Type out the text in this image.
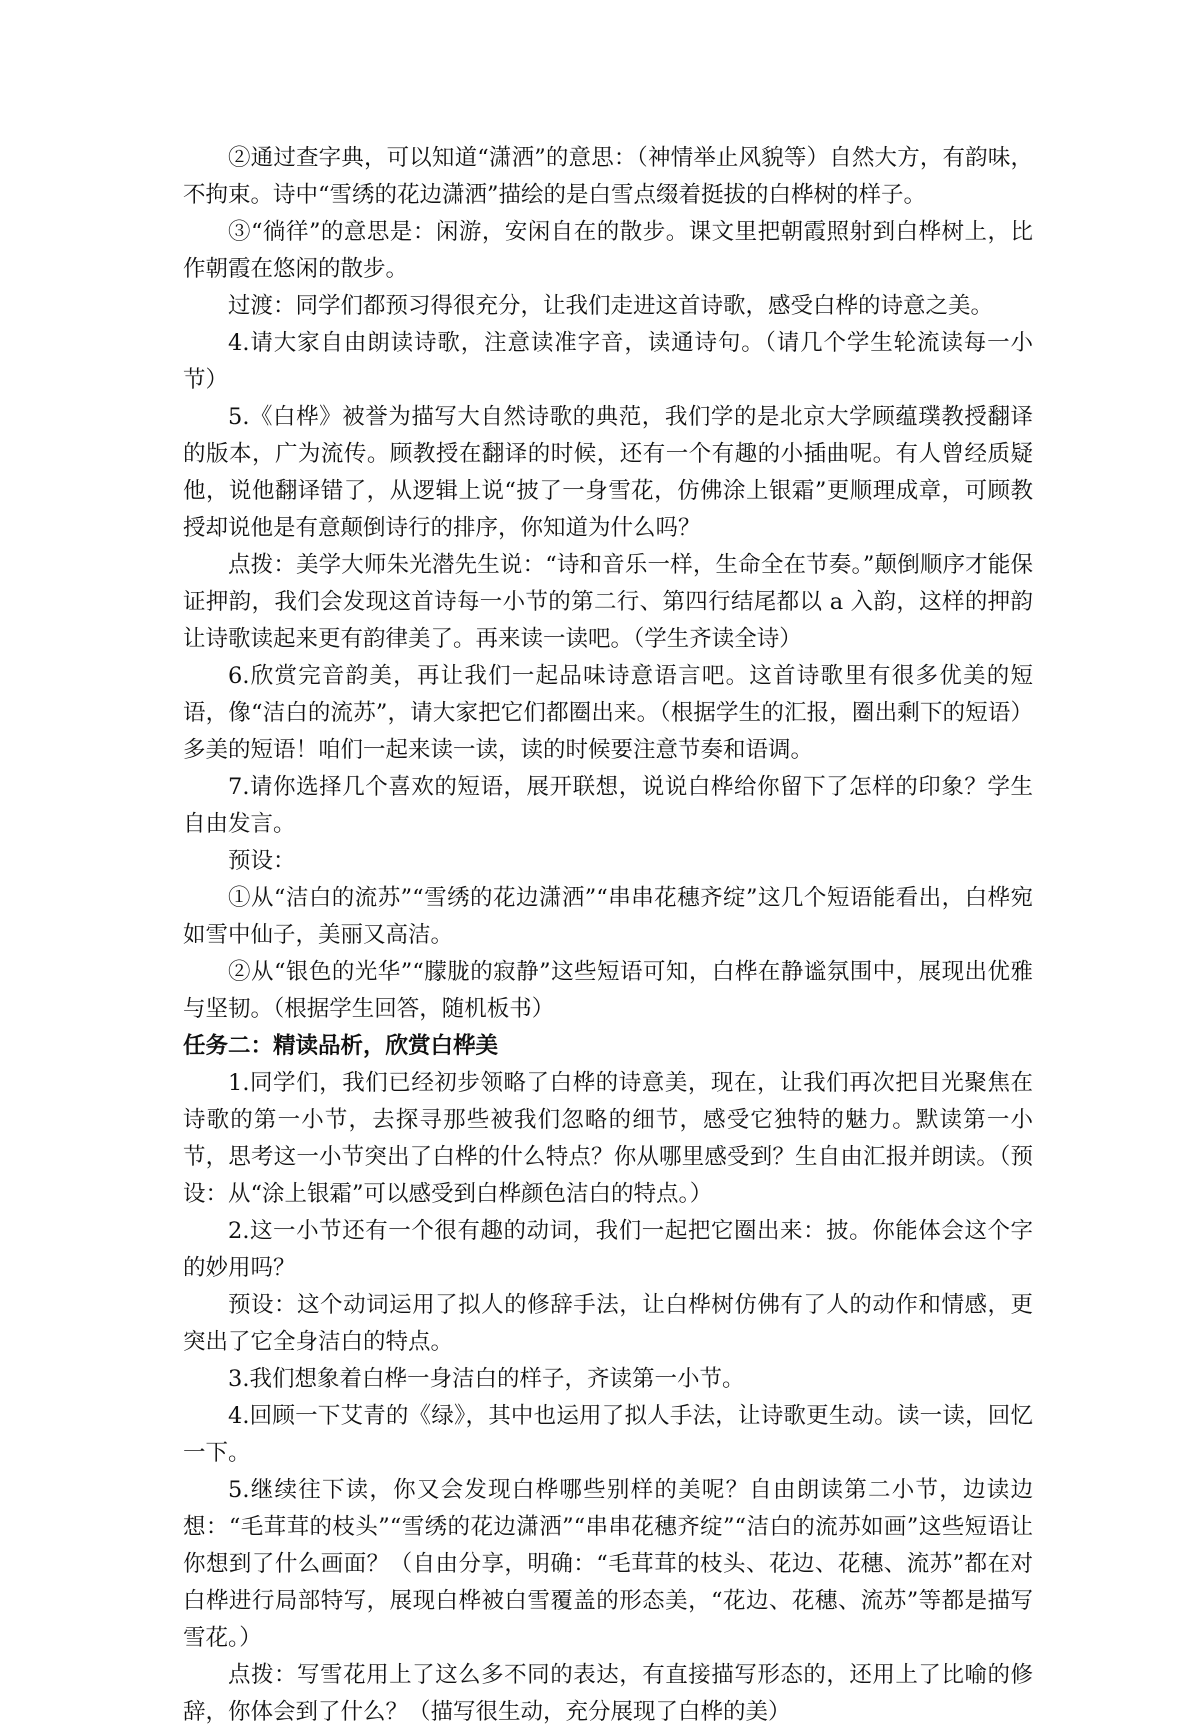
②通过查字典，可以知道“潇洒”的意思：（神情举止风貌等）自然大方，有韵味，不拘束。诗中“雪绣的花边潇洒”描绘的是白雪点缀着挺拔的白桦树的样子。

③“徜徉”的意思是：闲游，安闲自在的散步。课文里把朝霞照射到白桦树上，比作朝霞在悠闲的散步。

过渡：同学们都预习得很充分，让我们走进这首诗歌，感受白桦的诗意之美。

4.请大家自由朗读诗歌，注意读准字音，读通诗句。（请几个学生轮流读每一小节）

5.《白桦》被誉为描写大自然诗歌的典范，我们学的是北京大学顾蕴璞教授翻译的版本，广为流传。顾教授在翻译的时候，还有一个有趣的小插曲呢。有人曾经质疑他，说他翻译错了，从逻辑上说“披了一身雪花，仿佛涂上银霜”更顺理成章，可顾教授却说他是有意颠倒诗行的排序，你知道为什么吗？

点拨：美学大师朱光潜先生说：“诗和音乐一样，生命全在节奏。”颠倒顺序才能保证押韵，我们会发现这首诗每一小节的第二行、第四行结尾都以 a 入韵，这样的押韵让诗歌读起来更有韵律美了。再来读一读吧。（学生齐读全诗）

6.欣赏完音韵美，再让我们一起品味诗意语言吧。这首诗歌里有很多优美的短语，像“洁白的流苏”，请大家把它们都圈出来。（根据学生的汇报，圈出剩下的短语）多美的短语！咱们一起来读一读，读的时候要注意节奏和语调。

7.请你选择几个喜欢的短语，展开联想，说说白桦给你留下了怎样的印象？学生自由发言。

预设：

①从“洁白的流苏”“雪绣的花边潇洒”“串串花穗齐绽”这几个短语能看出，白桦宛如雪中仙子，美丽又高洁。

②从“银色的光华”“朦胧的寂静”这些短语可知，白桦在静谧氛围中，展现出优雅与坚韧。（根据学生回答，随机板书）

任务二：精读品析，欣赏白桦美

1.同学们，我们已经初步领略了白桦的诗意美，现在，让我们再次把目光聚焦在诗歌的第一小节，去探寻那些被我们忽略的细节，感受它独特的魅力。默读第一小节，思考这一小节突出了白桦的什么特点？你从哪里感受到？生自由汇报并朗读。（预设：从“涂上银霜”可以感受到白桦颜色洁白的特点。）

2.这一小节还有一个很有趣的动词，我们一起把它圈出来：披。你能体会这个字的妙用吗？

预设：这个动词运用了拟人的修辞手法，让白桦树仿佛有了人的动作和情感，更突出了它全身洁白的特点。

3.我们想象着白桦一身洁白的样子，齐读第一小节。

4.回顾一下艾青的《绿》，其中也运用了拟人手法，让诗歌更生动。读一读，回忆一下。

5.继续往下读，你又会发现白桦哪些别样的美呢？自由朗读第二小节，边读边想：“毛茸茸的枝头”“雪绣的花边潇洒”“串串花穗齐绽”“洁白的流苏如画”这些短语让你想到了什么画面？（自由分享，明确：“毛茸茸的枝头、花边、花穗、流苏”都在对白桦进行局部特写，展现白桦被白雪覆盖的形态美，“花边、花穗、流苏”等都是描写雪花。）

点拨：写雪花用上了这么多不同的表达，有直接描写形态的，还用上了比喻的修辞，你体会到了什么？（描写很生动，充分展现了白桦的美）
